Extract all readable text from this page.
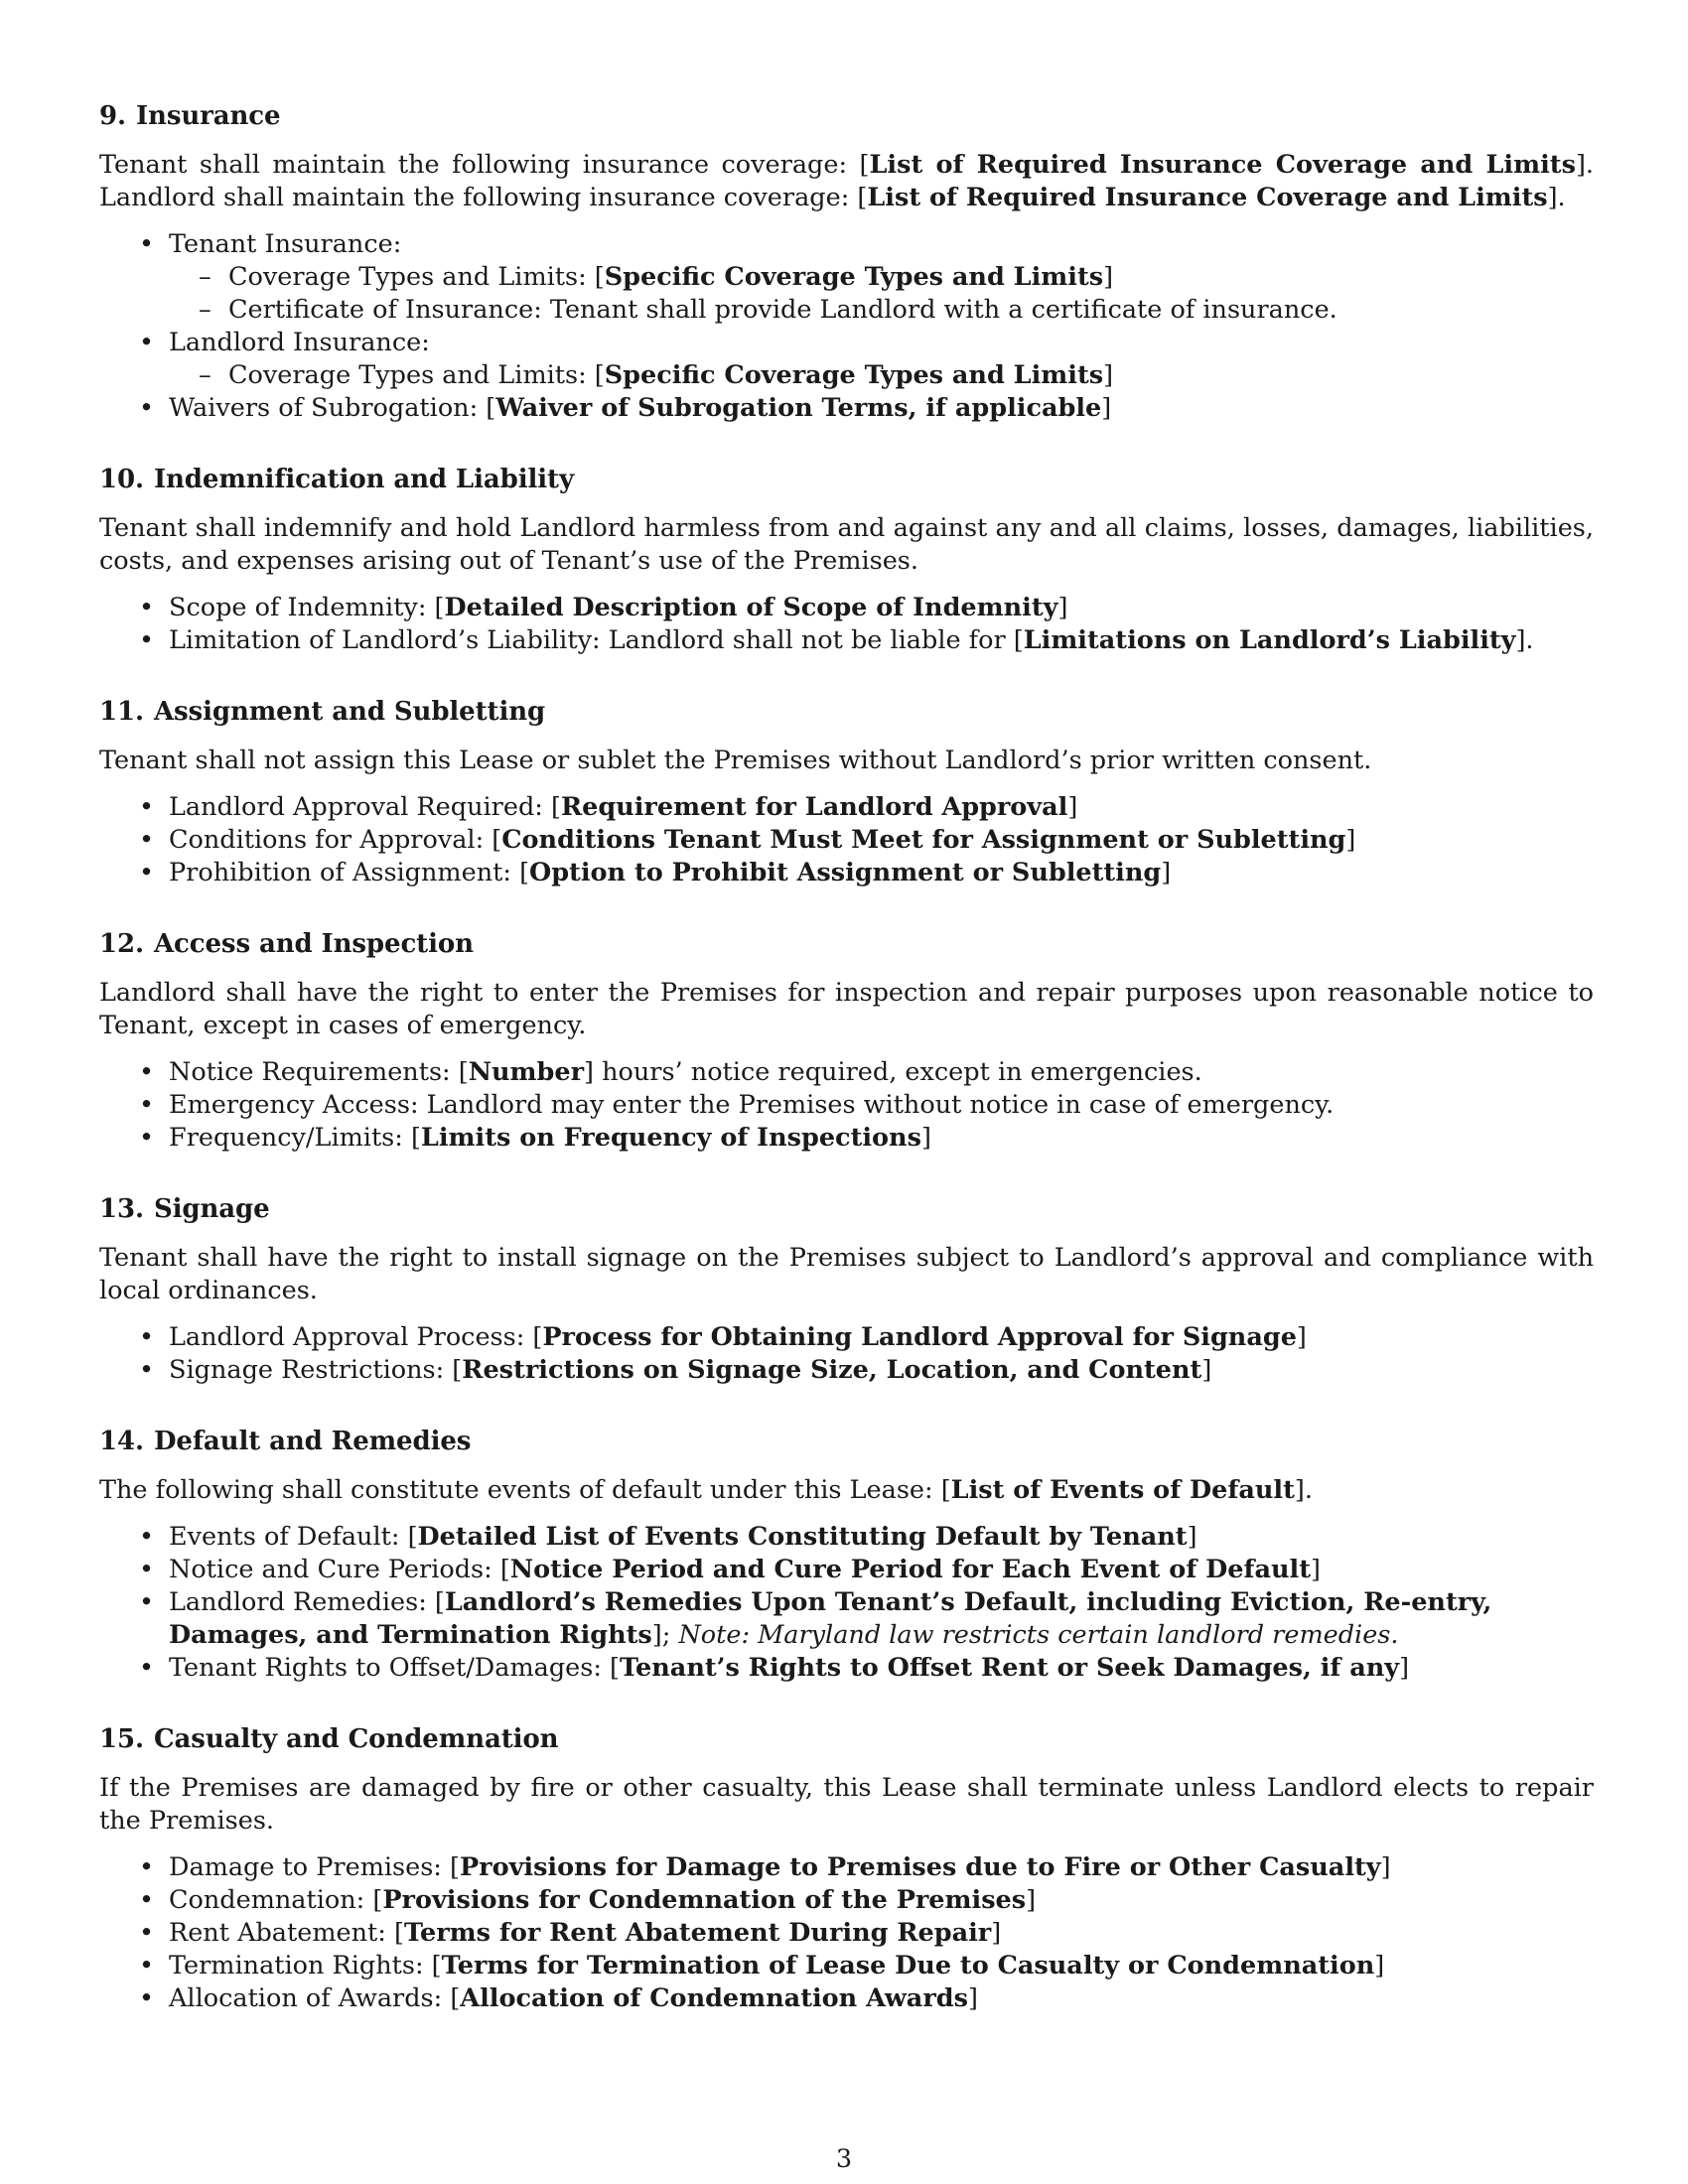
9. Insurance

Tenant shall maintain the following insurance coverage: [List of Required Insurance Coverage and Limits]. Landlord shall maintain the following insurance coverage: [List of Required Insurance Coverage and Limits].

• Tenant Insurance:
– Coverage Types and Limits: [Specific Coverage Types and Limits]
– Certificate of Insurance: Tenant shall provide Landlord with a certificate of insurance.
• Landlord Insurance:
– Coverage Types and Limits: [Specific Coverage Types and Limits]
• Waivers of Subrogation: [Waiver of Subrogation Terms, if applicable]
10. Indemnification and Liability

Tenant shall indemnify and hold Landlord harmless from and against any and all claims, losses, damages, liabilities, costs, and expenses arising out of Tenant’s use of the Premises.

• Scope of Indemnity: [Detailed Description of Scope of Indemnity]
• Limitation of Landlord’s Liability: Landlord shall not be liable for [Limitations on Landlord’s Liability].
11. Assignment and Subletting

Tenant shall not assign this Lease or sublet the Premises without Landlord’s prior written consent.

• Landlord Approval Required: [Requirement for Landlord Approval]
• Conditions for Approval: [Conditions Tenant Must Meet for Assignment or Subletting]
• Prohibition of Assignment: [Option to Prohibit Assignment or Subletting]
12. Access and Inspection

Landlord shall have the right to enter the Premises for inspection and repair purposes upon reasonable notice to Tenant, except in cases of emergency.

• Notice Requirements: [Number] hours’ notice required, except in emergencies.
• Emergency Access: Landlord may enter the Premises without notice in case of emergency.
• Frequency/Limits: [Limits on Frequency of Inspections]
13. Signage

Tenant shall have the right to install signage on the Premises subject to Landlord’s approval and compliance with local ordinances.

• Landlord Approval Process: [Process for Obtaining Landlord Approval for Signage]
• Signage Restrictions: [Restrictions on Signage Size, Location, and Content]
14. Default and Remedies

The following shall constitute events of default under this Lease: [List of Events of Default].

• Events of Default: [Detailed List of Events Constituting Default by Tenant]
• Notice and Cure Periods: [Notice Period and Cure Period for Each Event of Default]
• Landlord Remedies: [Landlord’s Remedies Upon Tenant’s Default, including Eviction, Re-entry, Damages, and Termination Rights]; Note: Maryland law restricts certain landlord remedies.
• Tenant Rights to Offset/Damages: [Tenant’s Rights to Offset Rent or Seek Damages, if any]
15. Casualty and Condemnation

If the Premises are damaged by fire or other casualty, this Lease shall terminate unless Landlord elects to repair the Premises.

• Damage to Premises: [Provisions for Damage to Premises due to Fire or Other Casualty]
• Condemnation: [Provisions for Condemnation of the Premises]
• Rent Abatement: [Terms for Rent Abatement During Repair]
• Termination Rights: [Terms for Termination of Lease Due to Casualty or Condemnation]
• Allocation of Awards: [Allocation of Condemnation Awards]
3
